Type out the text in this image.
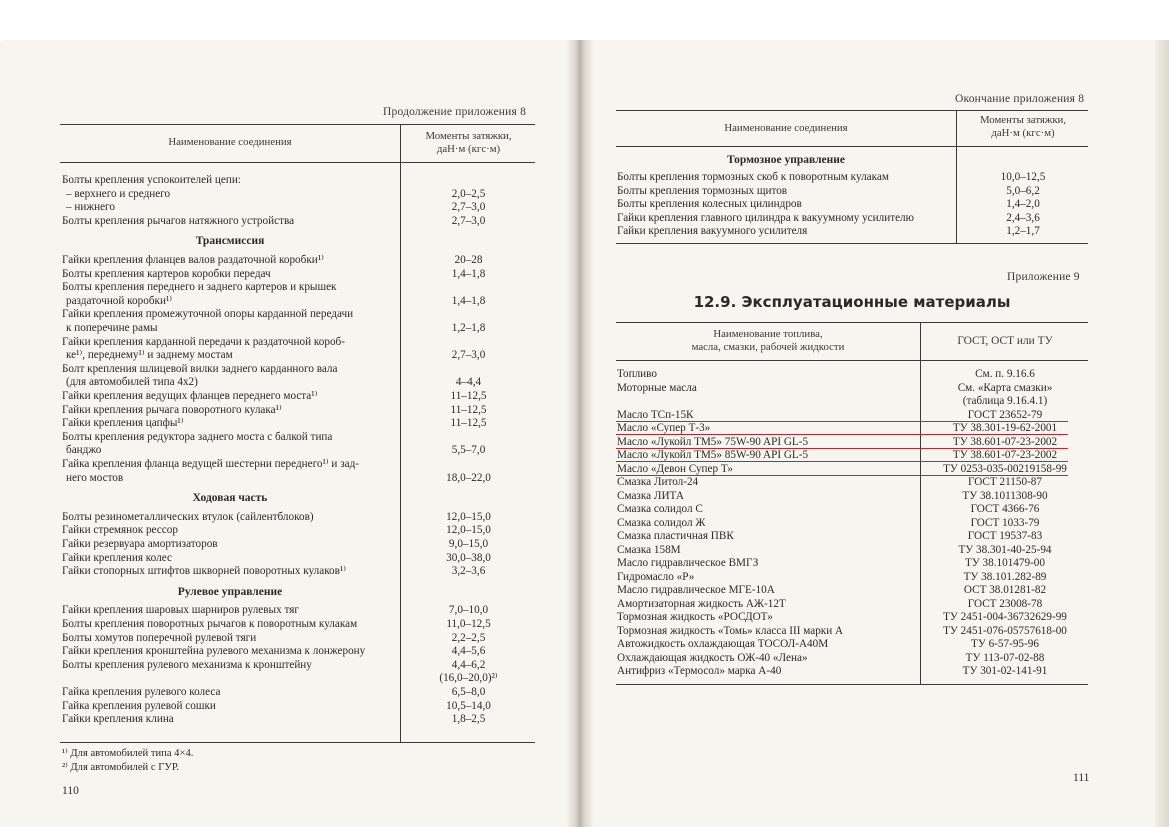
Продолжение приложения 8
Наименование соединения	Моменты затяжки,
даН·м (кгс·м)
Болты крепления успокоителей цепи:
– верхнего и среднего	2,0–2,5
– нижнего	2,7–3,0
Болты крепления рычагов натяжного устройства	2,7–3,0
Трансмиссия
Гайки крепления фланцев валов раздаточной коробки¹⁾	20–28
Болты крепления картеров коробки передач	1,4–1,8
Болты крепления переднего и заднего картеров и крышек
раздаточной коробки¹⁾	1,4–1,8
Гайки крепления промежуточной опоры карданной передачи
к поперечине рамы	1,2–1,8
Гайки крепления карданной передачи к раздаточной короб-
ке¹⁾, переднему¹⁾ и заднему мостам	2,7–3,0
Болт крепления шлицевой вилки заднего карданного вала
(для автомобилей типа 4х2)	4–4,4
Гайки крепления ведущих фланцев переднего моста¹⁾	11–12,5
Гайки крепления рычага поворотного кулака¹⁾	11–12,5
Гайки крепления цапфы¹⁾	11–12,5
Болты крепления редуктора заднего моста с балкой типа
банджо	5,5–7,0
Гайка крепления фланца ведущей шестерни переднего¹⁾ и зад-
него мостов	18,0–22,0
Ходовая часть
Болты резинометаллических втулок (сайлентблоков)	12,0–15,0
Гайки стремянок рессор	12,0–15,0
Гайки резервуара амортизаторов	9,0–15,0
Гайки крепления колес	30,0–38,0
Гайки стопорных штифтов шкворней поворотных кулаков¹⁾	3,2–3,6
Рулевое управление
Гайки крепления шаровых шарниров рулевых тяг	7,0–10,0
Болты крепления поворотных рычагов к поворотным кулакам	11,0–12,5
Болты хомутов поперечной рулевой тяги	2,2–2,5
Гайки крепления кронштейна рулевого механизма к лонжерону	4,4–5,6
Болты крепления рулевого механизма к кронштейну	4,4–6,2
(16,0–20,0)²⁾
Гайка крепления рулевого колеса	6,5–8,0
Гайка крепления рулевой сошки	10,5–14,0
Гайки крепления клина	1,8–2,5
¹⁾ Для автомобилей типа 4×4.
²⁾ Для автомобилей с ГУР.
110
Окончание приложения 8
Наименование соединения
Моменты затяжки,
даН·м (кгс·м)
Тормозное управление
Болты крепления тормозных скоб к поворотным кулакам	10,0–12,5
Болты крепления тормозных щитов	5,0–6,2
Болты крепления колесных цилиндров	1,4–2,0
Гайки крепления главного цилиндра к вакуумному усилителю	2,4–3,6
Гайки крепления вакуумного усилителя	1,2–1,7
Приложение 9
12.9. Эксплуатационные материалы
Наименование топлива,
масла, смазки, рабочей жидкости	ГОСТ, ОСТ или ТУ
Топливо	См. п. 9.16.6
Моторные масла	См. «Карта смазки»
(таблица 9.16.4.1)
Масло ТСп-15К	ГОСТ 23652-79
Масло «Супер Т-3»	ТУ 38.301-19-62-2001
Масло «Лукойл ТМ5» 75W-90 API GL-5	ТУ 38.601-07-23-2002
Масло «Лукойл ТМ5» 85W-90 API GL-5	ТУ 38.601-07-23-2002
Масло «Девон Супер Т»	ТУ 0253-035-00219158-99
Смазка Литол-24	ГОСТ 21150-87
Смазка ЛИТА	ТУ 38.1011308-90
Смазка солидол С	ГОСТ 4366-76
Смазка солидол Ж	ГОСТ 1033-79
Смазка пластичная ПВК	ГОСТ 19537-83
Смазка 158М	ТУ 38.301-40-25-94
Масло гидравлическое ВМГЗ	ТУ 38.101479-00
Гидромасло «Р»	ТУ 38.101.282-89
Масло гидравлическое МГЕ-10А	ОСТ 38.01281-82
Амортизаторная жидкость АЖ-12Т	ГОСТ 23008-78
Тормозная жидкость «РОСДОТ»	ТУ 2451-004-36732629-99
Тормозная жидкость «Томь» класса III марки А	ТУ 2451-076-05757618-00
Автожидкость охлаждающая ТОСОЛ-А40М	ТУ 6-57-95-96
Охлаждающая жидкость ОЖ-40 «Лена»	ТУ 113-07-02-88
Антифриз «Термосол» марка А-40	ТУ 301-02-141-91
111
